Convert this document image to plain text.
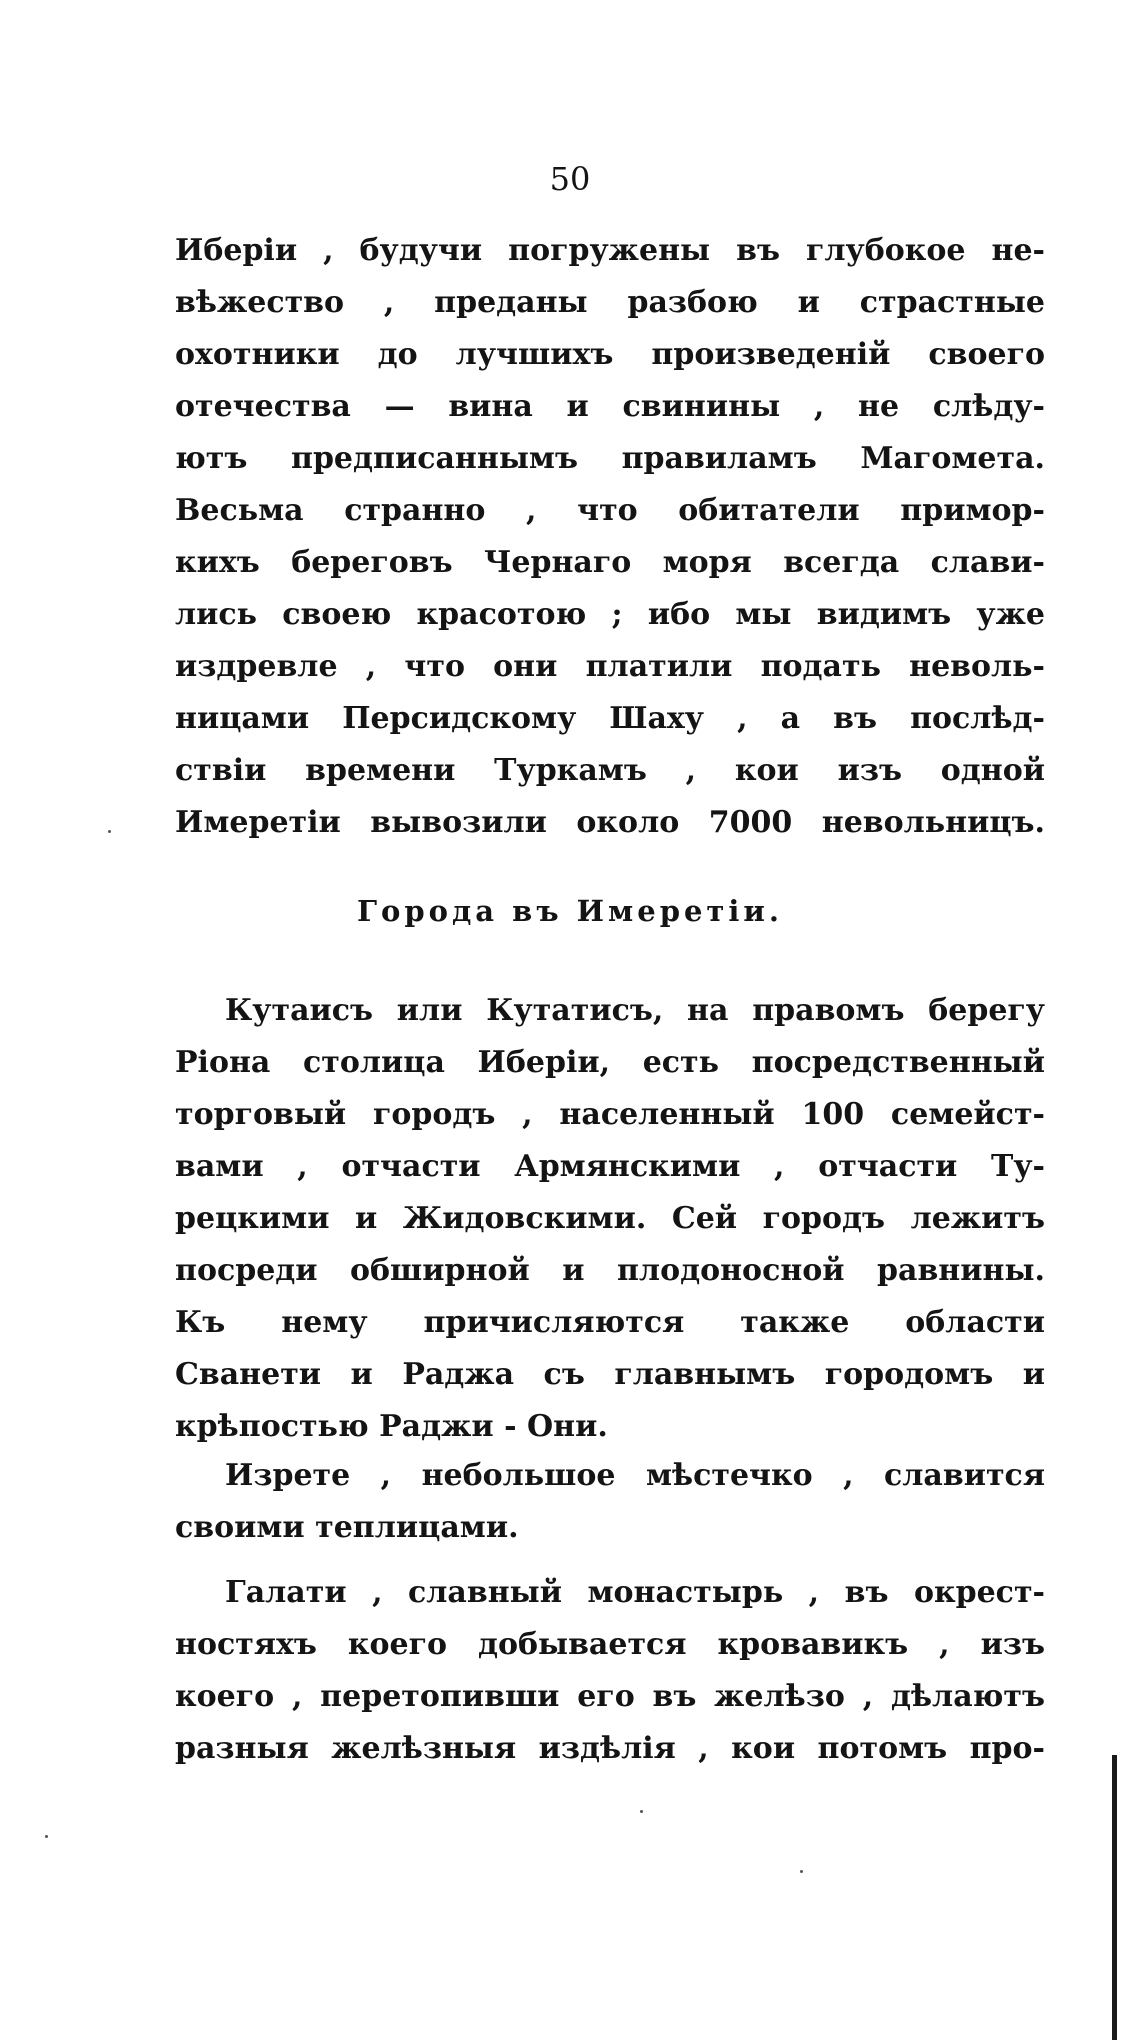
50
Иберіи , будучи погружены въ глубокое не-
вѣжество , преданы разбою и страстные
охотники до лучшихъ произведеній своего
отечества — вина и свинины , не слѣду-
ютъ предписаннымъ правиламъ Магомета.
Весьма странно , что обитатели примор-
кихъ береговъ Чернаго моря всегда слави-
лись своею красотою ; ибо мы видимъ уже
издревле , что они платили подать неволь-
ницами Персидскому Шаху , а въ послѣд-
ствіи времени Туркамъ , кои изъ одной
Имеретіи вывозили около 7000 невольницъ.
Города въ Имеретіи.
Кутаисъ или Кутатисъ, на правомъ берегу
Ріона столица Иберіи, есть посредственный
торговый городъ , населенный 100 семейст-
вами , отчасти Армянскими , отчасти Ту-
рецкими и Жидовскими. Сей городъ лежитъ
посреди обширной и плодоносной равнины.
Къ нему причисляются также области
Сванети и Раджа съ главнымъ городомъ и
крѣпостью Раджи - Они.
Изрете , небольшое мѣстечко , славится
своими теплицами.
Галати , славный монастырь , въ окрест-
ностяхъ коего добывается кровавикъ , изъ
коего , перетопивши его въ желѣзо , дѣлаютъ
разныя желѣзныя издѣлія , кои потомъ про-
